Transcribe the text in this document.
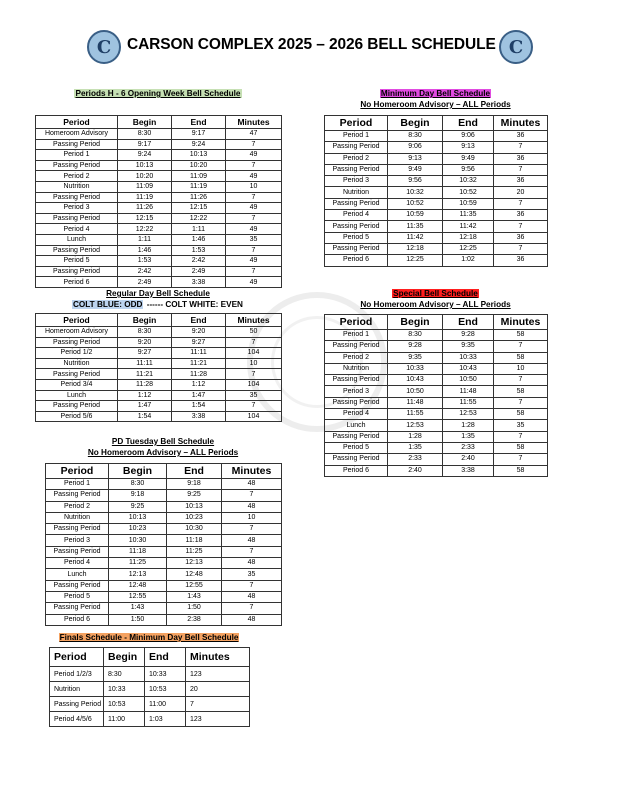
C CARSON COMPLEX 2025 – 2026 BELL SCHEDULE C
Periods H - 6 Opening Week Bell Schedule
Period	Begin	End	Minutes
Homeroom Advisory	8:30	9:17	47
Passing Period	9:17	9:24	7
Period 1	9:24	10:13	49
Passing Period	10:13	10:20	7
Period 2	10:20	11:09	49
Nutrition	11:09	11:19	10
Passing Period	11:19	11:26	7
Period 3	11:26	12:15	49
Passing Period	12:15	12:22	7
Period 4	12:22	1:11	49
Lunch	1:11	1:46	35
Passing Period	1:46	1:53	7
Period 5	1:53	2:42	49
Passing Period	2:42	2:49	7
Period 6	2:49	3:38	49
Minimum Day Bell Schedule
No Homeroom Advisory – ALL Periods
Period	Begin	End	Minutes
Period 1	8:30	9:06	36
Passing Period	9:06	9:13	7
Period 2	9:13	9:49	36
Passing Period	9:49	9:56	7
Period 3	9:56	10:32	36
Nutrition	10:32	10:52	20
Passing Period	10:52	10:59	7
Period 4	10:59	11:35	36
Passing Period	11:35	11:42	7
Period 5	11:42	12:18	36
Passing Period	12:18	12:25	7
Period 6	12:25	1:02	36
Regular Day Bell Schedule
COLT BLUE: ODD ------ COLT WHITE: EVEN
Period	Begin	End	Minutes
Homeroom Advisory	8:30	9:20	50
Passing Period	9:20	9:27	7
Period 1/2	9:27	11:11	104
Nutrition	11:11	11:21	10
Passing Period	11:21	11:28	7
Period 3/4	11:28	1:12	104
Lunch	1:12	1:47	35
Passing Period	1:47	1:54	7
Period 5/6	1:54	3:38	104
Special Bell Schedule
No Homeroom Advisory – ALL Periods
Period	Begin	End	Minutes
Period 1	8:30	9:28	58
Passing Period	9:28	9:35	7
Period 2	9:35	10:33	58
Nutrition	10:33	10:43	10
Passing Period	10:43	10:50	7
Period 3	10:50	11:48	58
Passing Period	11:48	11:55	7
Period 4	11:55	12:53	58
Lunch	12:53	1:28	35
Passing Period	1:28	1:35	7
Period 5	1:35	2:33	58
Passing Period	2:33	2:40	7
Period 6	2:40	3:38	58
PD Tuesday Bell Schedule
No Homeroom Advisory – ALL Periods
Period	Begin	End	Minutes
Period 1	8:30	9:18	48
Passing Period	9:18	9:25	7
Period 2	9:25	10:13	48
Nutrition	10:13	10:23	10
Passing Period	10:23	10:30	7
Period 3	10:30	11:18	48
Passing Period	11:18	11:25	7
Period 4	11:25	12:13	48
Lunch	12:13	12:48	35
Passing Period	12:48	12:55	7
Period 5	12:55	1:43	48
Passing Period	1:43	1:50	7
Period 6	1:50	2:38	48
Finals Schedule - Minimum Day Bell Schedule
Period	Begin	End	Minutes
Period 1/2/3	8:30	10:33	123
Nutrition	10:33	10:53	20
Passing Period	10:53	11:00	7
Period 4/5/6	11:00	1:03	123
